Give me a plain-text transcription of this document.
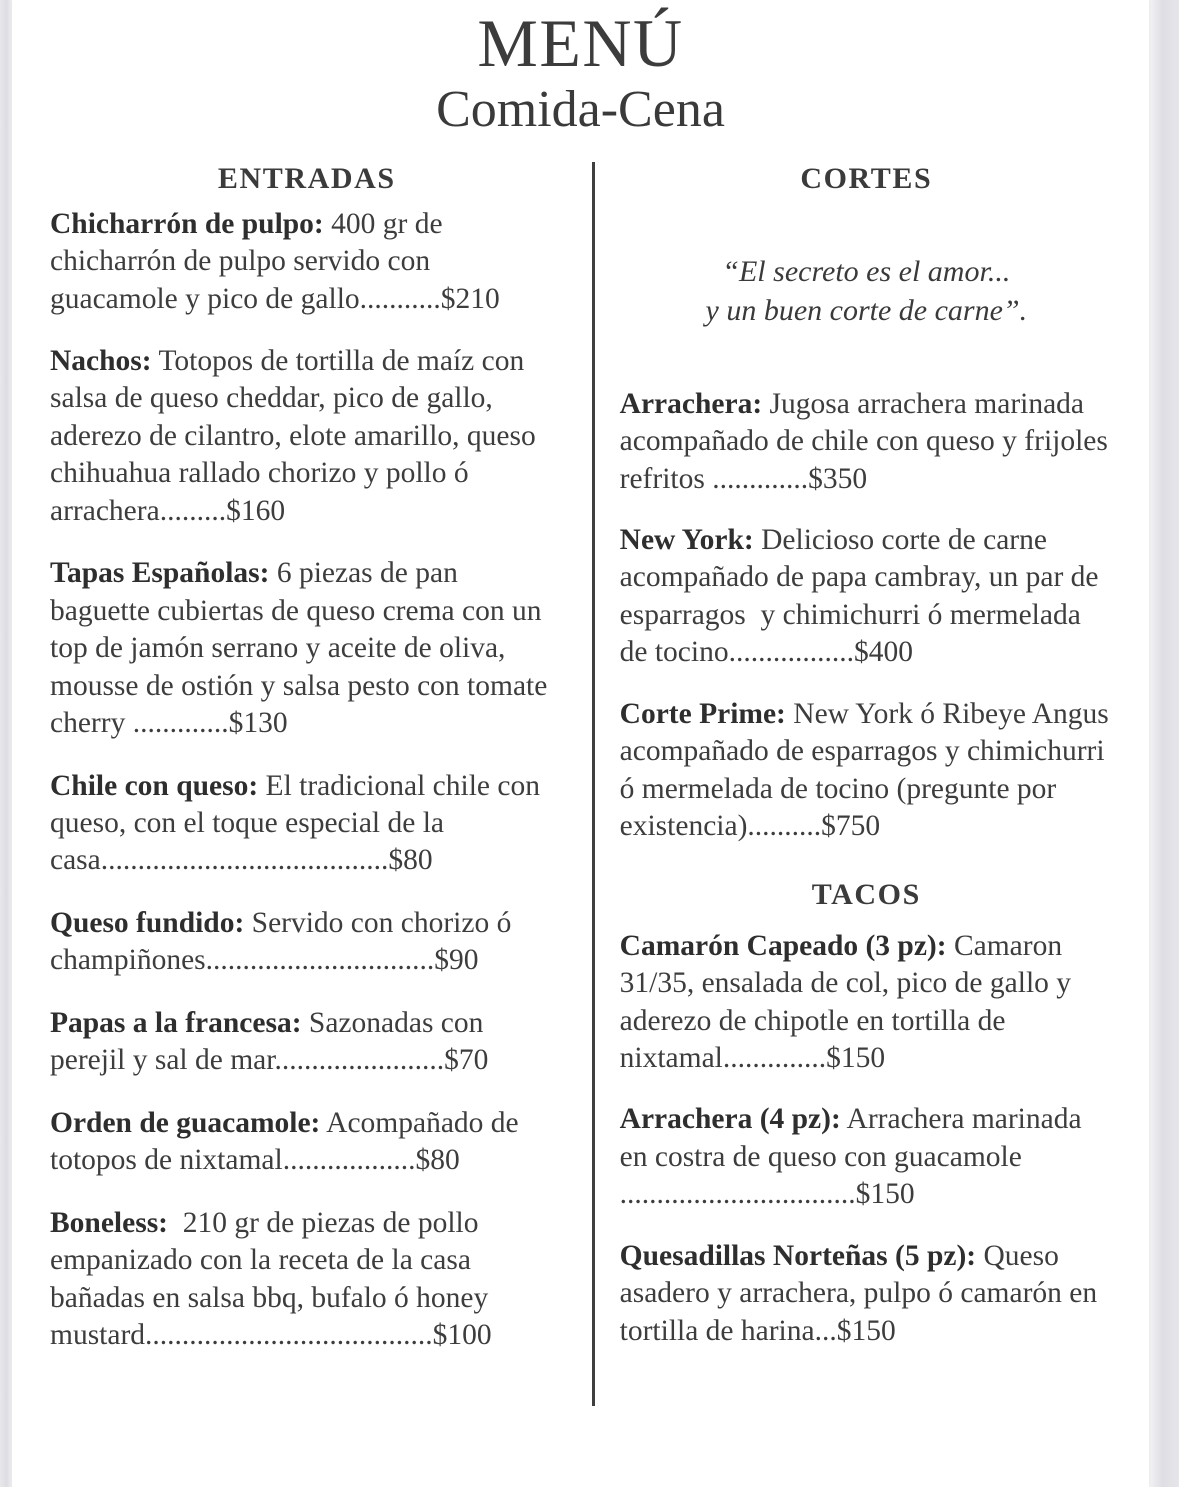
MENÚ
Comida-Cena
ENTRADAS

Chicharrón de pulpo: 400 gr de chicharrón de pulpo servido con guacamole y pico de gallo...........$210

Nachos: Totopos de tortilla de maíz con salsa de queso cheddar, pico de gallo, aderezo de cilantro, elote amarillo, queso chihuahua rallado chorizo y pollo ó arrachera.........$160

Tapas Españolas: 6 piezas de pan baguette cubiertas de queso crema con un top de jamón serrano y aceite de oliva, mousse de ostión y salsa pesto con tomate cherry .............$130

Chile con queso: El tradicional chile con queso, con el toque especial de la casa.......................................$80

Queso fundido: Servido con chorizo ó champiñones...............................$90

Papas a la francesa: Sazonadas con perejil y sal de mar.......................$70

Orden de guacamole: Acompañado de totopos de nixtamal..................$80

Boneless:  210 gr de piezas de pollo empanizado con la receta de la casa bañadas en salsa bbq, bufalo ó honey mustard.......................................$100

CORTES
“El secreto es el amor...
y un buen corte de carne”.

Arrachera: Jugosa arrachera marinada acompañado de chile con queso y frijoles refritos .............$350

New York: Delicioso corte de carne acompañado de papa cambray, un par de esparragos  y chimichurri ó mermelada de tocino.................$400

Corte Prime: New York ó Ribeye Angus acompañado de esparragos y chimichurri ó mermelada de tocino (pregunte por existencia)..........$750

TACOS

Camarón Capeado (3 pz): Camaron  31/35, ensalada de col, pico de gallo y aderezo de chipotle en tortilla de nixtamal..............$150

Arrachera (4 pz): Arrachera marinada en costra de queso con guacamole ................................$150

Quesadillas Norteñas (5 pz): Queso asadero y arrachera, pulpo ó camarón en tortilla de harina...$150
